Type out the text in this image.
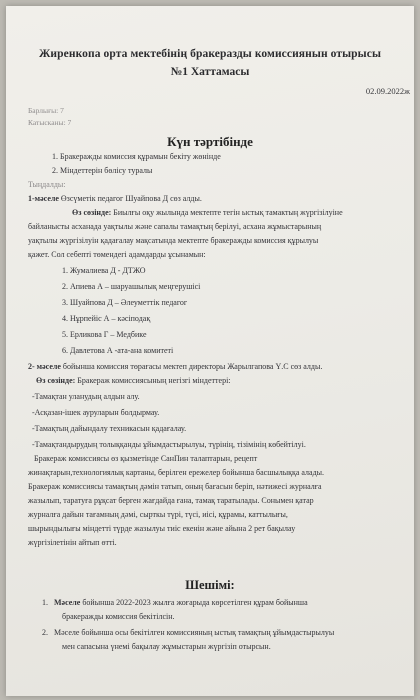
Жиренкопа орта мектебінің бракеразды комиссиянын отырысы
№1 Хаттамасы
02.09.2022ж
Барлығы: 7
Катысканы: 7
Күн тәртібінде
1. Бракеражды комиссия құрамын бекіту жөнінде
2. Міндеттерін бөлісу туралы
Тыңдалды:
1-мәселе Өзсүметік педагог Шуайпова Д сөз алды.
Өз сөзінде: Биылғы оқу жылында мектепте тегін ыстық тамактың жүргізілуіне
байланысты асханада уақтылы және сапалы тамақтың берілуі, асхана жұмыстарының
уақтылы жүргізілуін қадағалау мақсатында мектепте бракеражды комиссия құрылуы
қажет. Сол себепті төмендегі адамдарды ұсынамын:
1. Жумалиева Д - ДТЖО
2. Апиева А – шаруашылық меңгерушісі
3. Шуайпова Д – Әлеуметтік педагог
4. Нұрпейіс А – кәсіподақ
5. Ерликова Г – Медбике
6. Давлетова А -ата-ана комитеті
2- мәселе бойынша комиссия төрағасы мектеп директоры Жарылгапова Ү.С сөз алды.
Өз сөзінде: Бракераж комиссиясының негізгі міндеттері:
-Тамақтан уланудың алдын алу.
-Асқазан-ішек ауруларын болдырмау.
-Тамақтың дайындалу техникасын қадағалау.
-Тамақтандырудың толыққанды ұйымдастырылуы, түрінің, тізімінің көбейтілуі.
Бракераж комиссиясы өз қызметінде СанПин талаптарын, рецепт
жинақтарын,технологиялық картаны, берілген ережелер бойынша басшылыққа алады.
Бракераж комиссиясы тамақтың дәмін татып, оның бағасын беріп, нәтижесі журналға
жазылып, таратуға рұқсат берген жағдайда ғана, тамақ таратылады. Сонымен қатар
журналға дайын тағамның дәмі, сырткы түрі, түсі, иісі, құрамы, каттылығы,
шырындылығы міндетті түрде жазылуы тиіс екенін және айына 2 рет бақылау
жүргізілетінін айтып өтті.
Шешімі:
1. Мәселе бойынша 2022-2023 жылға жоғарыда көрсетілген құрам бойынша
бракеражды комиссия бекітілсін.
2. Мәселе бойынша осы бекітілген комиссияның ыстық тамақтың ұйымдастырылуы
мен сапасына үнемі бақылау жұмыстарын жүргізіп отырсын.
